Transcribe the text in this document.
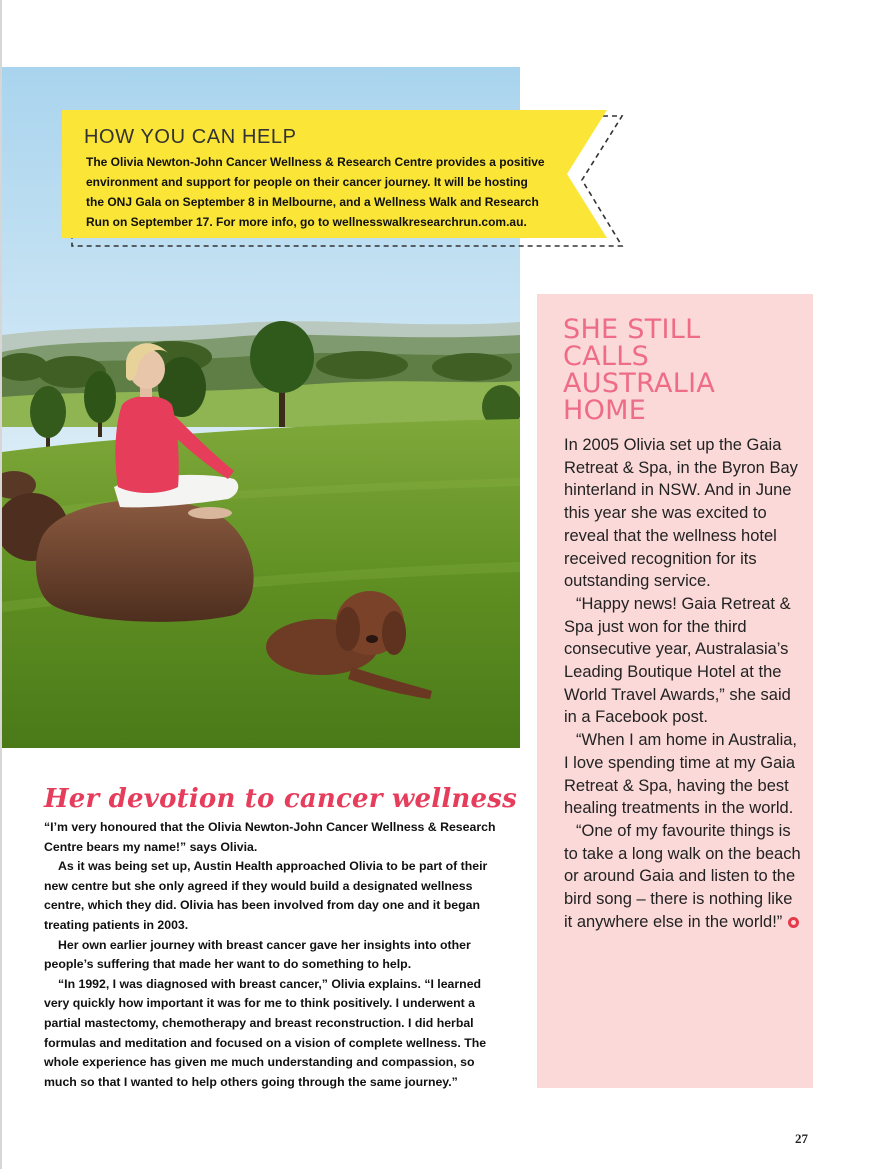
HOW YOU CAN HELP
The Olivia Newton-John Cancer Wellness & Research Centre provides a positive
environment and support for people on their cancer journey. It will be hosting
the ONJ Gala on September 8 in Melbourne, and a Wellness Walk and Research
Run on September 17. For more info, go to wellnesswalkresearchrun.com.au.
SHE STILL
CALLS
AUSTRALIA
HOME

In 2005 Olivia set up the Gaia Retreat & Spa, in the Byron Bay hinterland in NSW. And in June this year she was excited to reveal that the wellness hotel received recognition for its outstanding service.

“Happy news! Gaia Retreat & Spa just won for the third consecutive year, Australasia’s Leading Boutique Hotel at the World Travel Awards,” she said in a Facebook post.

“When I am home in Australia, I love spending time at my Gaia Retreat & Spa, having the best healing treatments in the world.

“One of my favourite things is to take a long walk on the beach or around Gaia and listen to the bird song – there is nothing like it anywhere else in the world!”

Her devotion to cancer wellness

“I’m very honoured that the Olivia Newton-John Cancer Wellness & Research Centre bears my name!” says Olivia.

As it was being set up, Austin Health approached Olivia to be part of their new centre but she only agreed if they would build a designated wellness centre, which they did. Olivia has been involved from day one and it began treating patients in 2003.

Her own earlier journey with breast cancer gave her insights into other people’s suffering that made her want to do something to help.

“In 1992, I was diagnosed with breast cancer,” Olivia explains. “I learned very quickly how important it was for me to think positively. I underwent a partial mastectomy, chemotherapy and breast reconstruction. I did herbal formulas and meditation and focused on a vision of complete wellness. The whole experience has given me much understanding and compassion, so much so that I wanted to help others going through the same journey.”

27
